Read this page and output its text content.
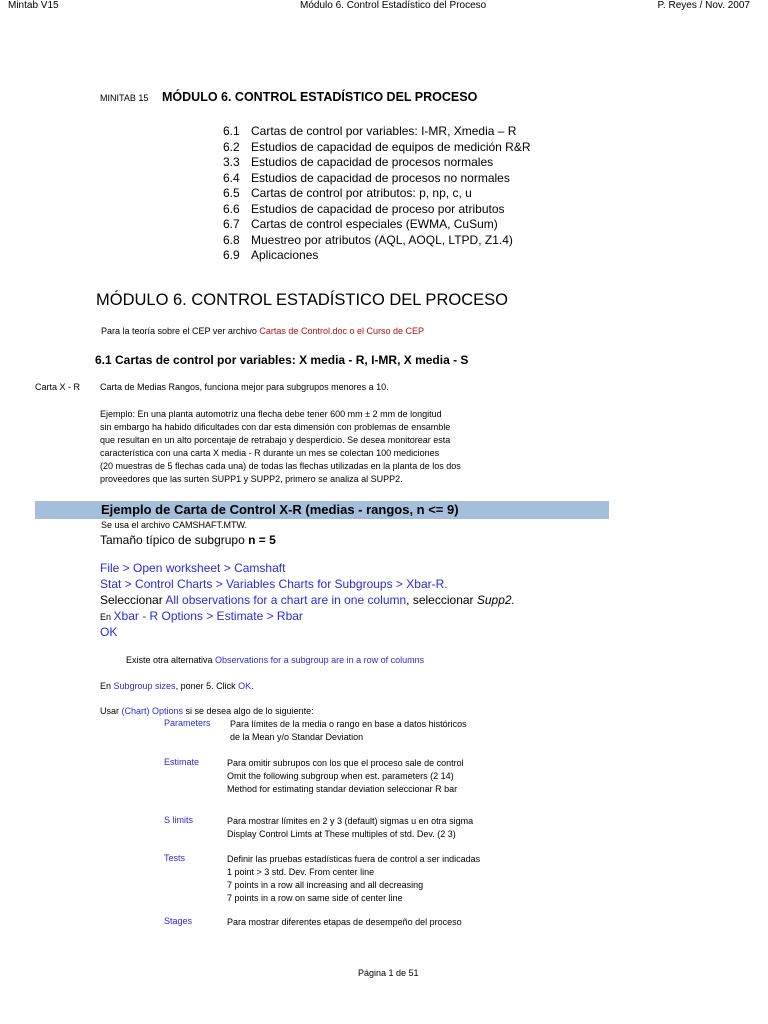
Mintab V15	Módulo 6. Control Estadístico del Proceso	P. Reyes / Nov. 2007
MINITAB 15 MÓDULO 6. CONTROL ESTADÍSTICO DEL PROCESO
6.1 Cartas de control por variables: I-MR, Xmedia – R
6.2 Estudios de capacidad de equipos de medición R&R
3.3 Estudios de capacidad de procesos normales
6.4 Estudios de capacidad de procesos no normales
6.5 Cartas de control por atributos: p, np, c, u
6.6 Estudios de capacidad de proceso por atributos
6.7 Cartas de control especiales (EWMA, CuSum)
6.8 Muestreo por atributos (AQL, AOQL, LTPD, Z1.4)
6.9 Aplicaciones
MÓDULO 6. CONTROL ESTADÍSTICO DEL PROCESO
Para la teoría sobre el CEP ver archivo Cartas de Control.doc o el Curso de CEP
6.1 Cartas de control por variables: X media - R, I-MR, X media - S
Carta X - R Carta de Medias Rangos, funciona mejor para subgrupos menores a 10.
Ejemplo: En una planta automotríz una flecha debe tener 600 mm ± 2 mm de longitud
sin embargo ha habido dificultades con dar esta dimensión con problemas de ensamble
que resultan en un alto porcentaje de retrabajo y desperdicio. Se desea monitorear esta
característica con una carta X media - R durante un mes se colectan 100 mediciones
(20 muestras de 5 flechas cada una) de todas las flechas utilizadas en la planta de los dos
proveedores que las surten SUPP1 y SUPP2, primero se analiza al SUPP2.
Ejemplo de Carta de Control X-R (medias - rangos, n <= 9)
Se usa el archivo CAMSHAFT.MTW.
Tamaño típico de subgrupo n = 5
File > Open worksheet > Camshaft
Stat > Control Charts > Variables Charts for Subgroups > Xbar-R.
Seleccionar All observations for a chart are in one column, seleccionar Supp2.
En Xbar - R Options > Estimate > Rbar
OK
Existe otra alternativa Observations for a subgroup are in a row of columns
En Subgroup sizes, poner 5. Click OK.
Usar (Chart) Options si se desea algo de lo siguiente:
Parameters Para límites de la media o rango en base a datos históricos
de la Mean y/o Standar Deviation
Estimate	Para omitir subrupos con los que el proceso sale de control
Omit the following subgroup when est. parameters (2 14)
Method for estimating standar deviation seleccionar R bar
S limits	Para mostrar límites en 2 y 3 (default) sigmas u en otra sigma
Display Control Limts at These multiples of std. Dev. (2 3)
Tests	Definir las pruebas estadísticas fuera de control a ser indicadas
1 point > 3 std. Dev. From center line
7 points in a row all increasing and all decreasing
7 points in a row on same side of center line
Stages	Para mostrar diferentes etapas de desempeño del proceso
Página 1 de 51
